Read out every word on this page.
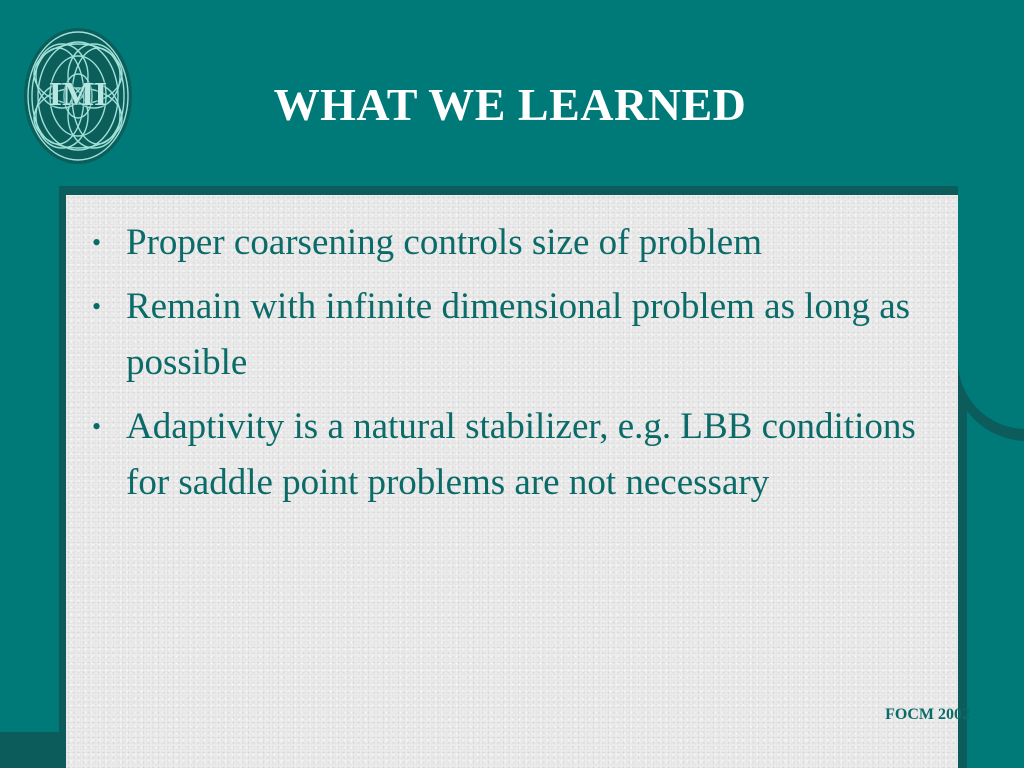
IMI	WHAT WE LEARNED
• Proper coarsening controls size of problem
• Remain with infinite dimensional problem as long as possible
• Adaptivity is a natural stabilizer, e.g. LBB conditions for saddle point problems are not necessary

FOCM 2002
